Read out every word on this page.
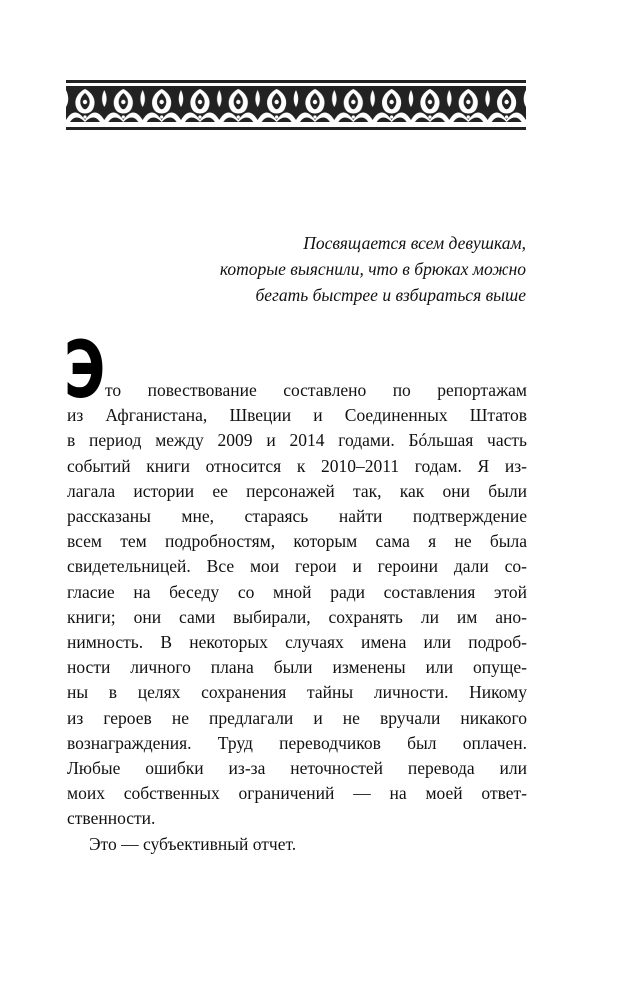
Посвящается всем девушкам,
которые выяснили, что в брюках можно
бегать быстрее и взбираться выше
Э то повествование составлено по репортажам
из Афганистана, Швеции и Соединенных Штатов
в период между 2009 и 2014 годами. Бóльшая часть
событий книги относится к 2010–2011 годам. Я из-
лагала истории ее персонажей так, как они были
рассказаны мне, стараясь найти подтверждение
всем тем подробностям, которым сама я не была
свидетельницей. Все мои герои и героини дали со-
гласие на беседу со мной ради составления этой
книги; они сами выбирали, сохранять ли им ано-
нимность. В некоторых случаях имена или подроб-
ности личного плана были изменены или опуще-
ны в целях сохранения тайны личности. Никому
из героев не предлагали и не вручали никакого
вознаграждения. Труд переводчиков был оплачен.
Любые ошибки из-за неточностей перевода или
моих собственных ограничений — на моей ответ-
ственности.
Это — субъективный отчет.
